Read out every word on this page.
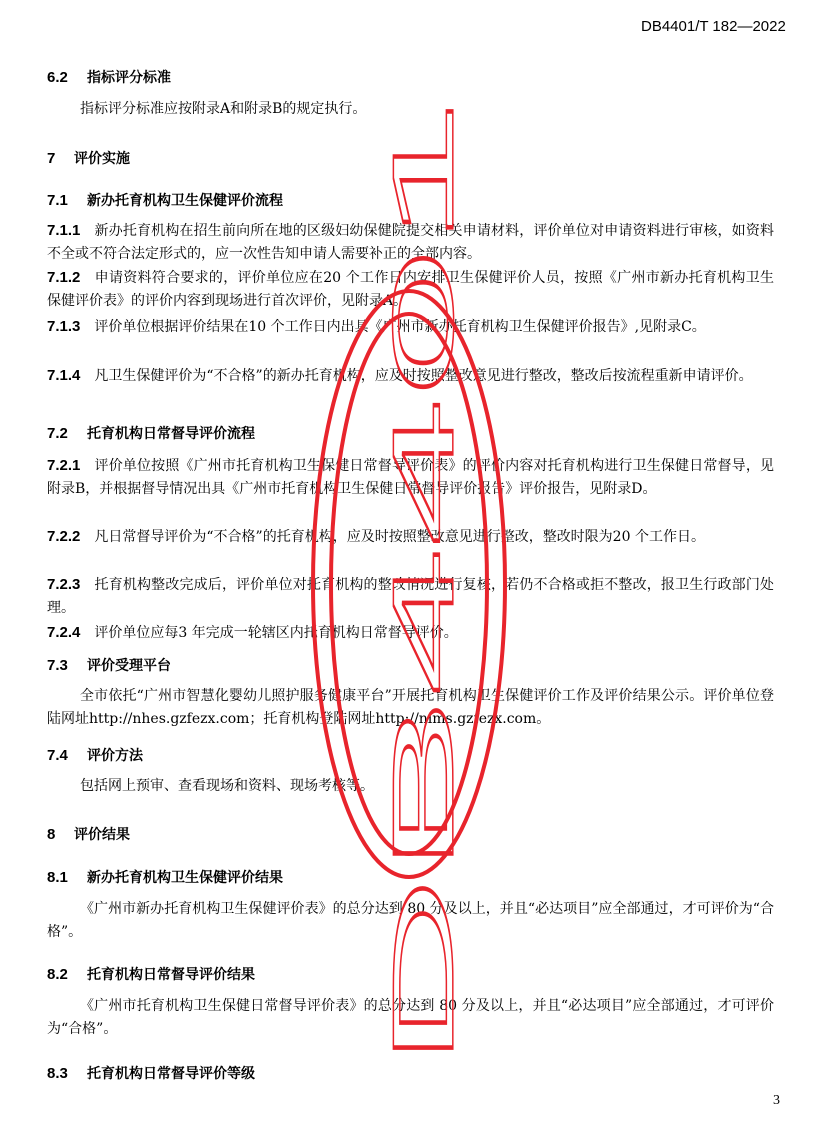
DB4401/T 182—2022
6.2 指标评分标准
指标评分标准应按附录A和附录B的规定执行。
7 评价实施
7.1 新办托育机构卫生保健评价流程
7.1.1 新办托育机构在招生前向所在地的区级妇幼保健院提交相关申请材料，评价单位对申请资料进行审核，如资料不全或不符合法定形式的，应一次性告知申请人需要补正的全部内容。
7.1.2 申请资料符合要求的，评价单位应在20 个工作日内安排卫生保健评价人员，按照《广州市新办托育机构卫生保健评价表》的评价内容到现场进行首次评价，见附录A。
7.1.3 评价单位根据评价结果在10 个工作日内出具《广州市新办托育机构卫生保健评价报告》,见附录C。
7.1.4 凡卫生保健评价为“不合格”的新办托育机构，应及时按照整改意见进行整改，整改后按流程重新申请评价。
7.2 托育机构日常督导评价流程
7.2.1 评价单位按照《广州市托育机构卫生保健日常督导评价表》的评价内容对托育机构进行卫生保健日常督导，见附录B，并根据督导情况出具《广州市托育机构卫生保健日常督导评价报告》评价报告，见附录D。
7.2.2 凡日常督导评价为“不合格”的托育机构，应及时按照整改意见进行整改，整改时限为20 个工作日。
7.2.3 托育机构整改完成后，评价单位对托育机构的整改情况进行复核，若仍不合格或拒不整改，报卫生行政部门处理。
7.2.4 评价单位应每3 年完成一轮辖区内托育机构日常督导评价。
7.3 评价受理平台
全市依托“广州市智慧化婴幼儿照护服务健康平台”开展托育机构卫生保健评价工作及评价结果公示。评价单位登陆网址http://nhes.gzfezx.com；托育机构登陆网址http://nims.gzfezx.com。
7.4 评价方法
包括网上预审、查看现场和资料、现场考核等。
8 评价结果
8.1 新办托育机构卫生保健评价结果
《广州市新办托育机构卫生保健评价表》的总分达到 80 分及以上，并且“必达项目”应全部通过，才可评价为“合格”。
8.2 托育机构日常督导评价结果
《广州市托育机构卫生保健日常督导评价表》的总分达到 80 分及以上，并且“必达项目”应全部通过，才可评价为“合格”。
8.3 托育机构日常督导评价等级
3
DB4401
